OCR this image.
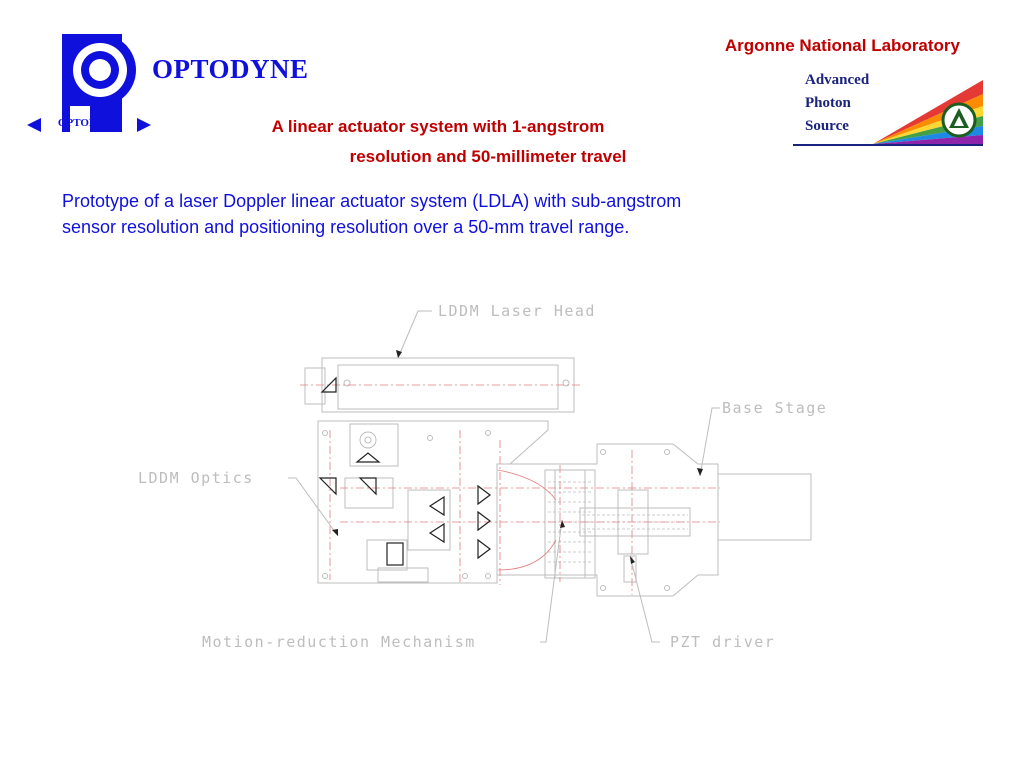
OPTODYNE
OPTODYNE
Argonne National Laboratory
Advanced
Photon
Source
A linear actuator system with 1-angstrom
resolution and 50-millimeter travel
Prototype of a laser Doppler linear actuator system (LDLA) with sub-angstrom
sensor resolution and positioning resolution over a 50-mm travel range.
LDDM Laser Head
Base Stage
LDDM Optics
Motion-reduction Mechanism	PZT driver
